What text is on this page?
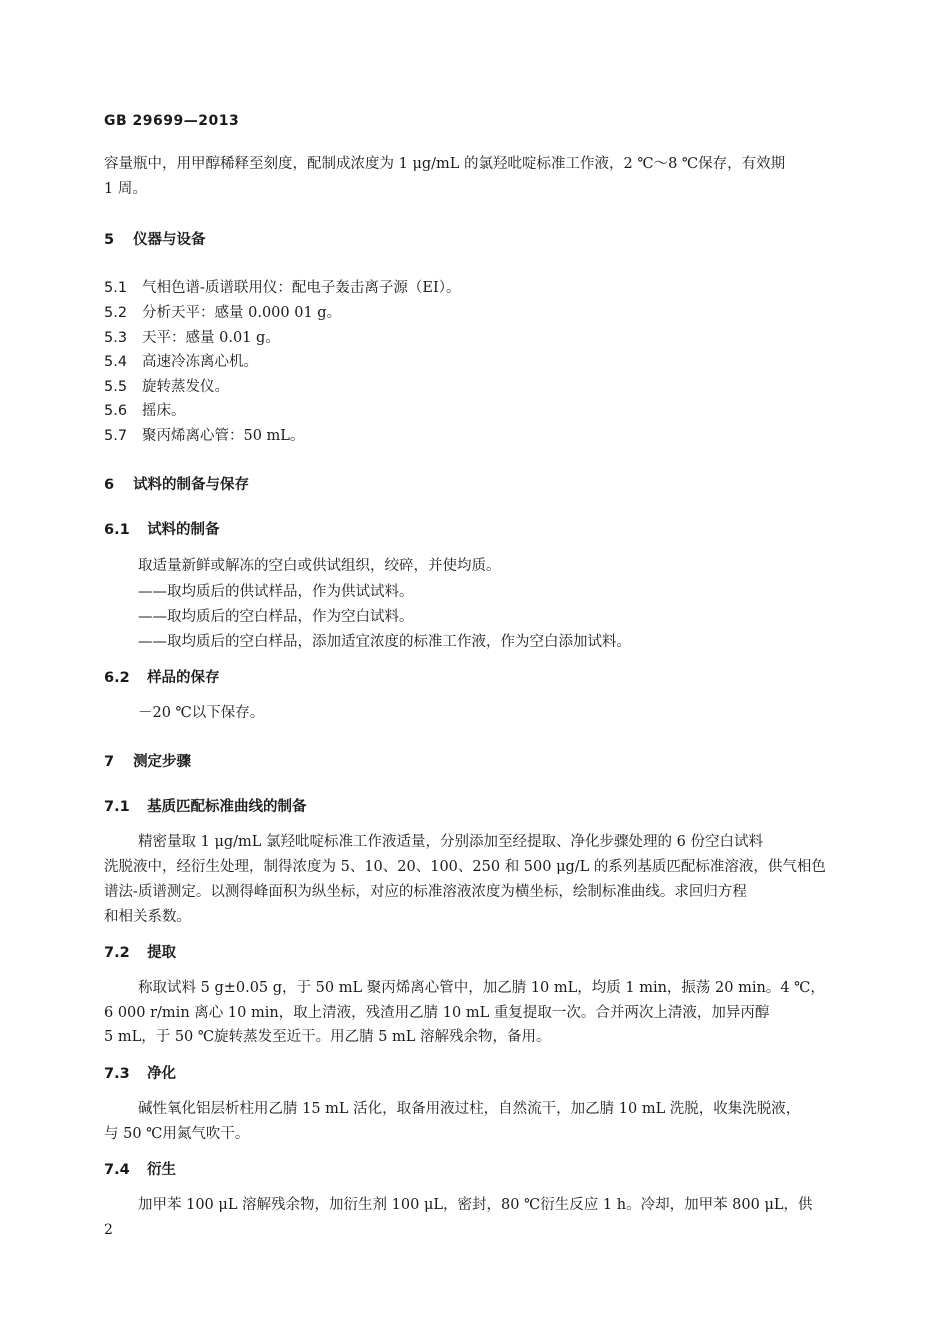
GB 29699—2013

容量瓶中，用甲醇稀释至刻度，配制成浓度为 1 μg/mL 的氯羟吡啶标准工作液，2 ℃～8 ℃保存，有效期

1 周。

5 仪器与设备
5.1 气相色谱-质谱联用仪：配电子轰击离子源（EI）。
5.2 分析天平：感量 0.000 01 g。
5.3 天平：感量 0.01 g。
5.4 高速冷冻离心机。
5.5 旋转蒸发仪。
5.6 摇床。
5.7 聚丙烯离心管：50 mL。
6 试料的制备与保存
6.1 试料的制备

取适量新鲜或解冻的空白或供试组织，绞碎，并使均质。

——取均质后的供试样品，作为供试试料。
——取均质后的空白样品，作为空白试料。
——取均质后的空白样品，添加适宜浓度的标准工作液，作为空白添加试料。
6.2 样品的保存

－20 ℃以下保存。

7 测定步骤
7.1 基质匹配标准曲线的制备

精密量取 1 μg/mL 氯羟吡啶标准工作液适量，分别添加至经提取、净化步骤处理的 6 份空白试料

洗脱液中，经衍生处理，制得浓度为 5、10、20、100、250 和 500 μg/L 的系列基质匹配标准溶液，供气相色

谱法-质谱测定。以测得峰面积为纵坐标，对应的标准溶液浓度为横坐标，绘制标准曲线。求回归方程

和相关系数。

7.2 提取

称取试料 5 g±0.05 g，于 50 mL 聚丙烯离心管中，加乙腈 10 mL，均质 1 min，振荡 20 min。4 ℃，

6 000 r/min 离心 10 min，取上清液，残渣用乙腈 10 mL 重复提取一次。合并两次上清液，加异丙醇

5 mL，于 50 ℃旋转蒸发至近干。用乙腈 5 mL 溶解残余物，备用。

7.3 净化

碱性氧化铝层析柱用乙腈 15 mL 活化，取备用液过柱，自然流干，加乙腈 10 mL 洗脱，收集洗脱液，

与 50 ℃用氮气吹干。

7.4 衍生

加甲苯 100 μL 溶解残余物，加衍生剂 100 μL，密封，80 ℃衍生反应 1 h。冷却，加甲苯 800 μL，供

2
